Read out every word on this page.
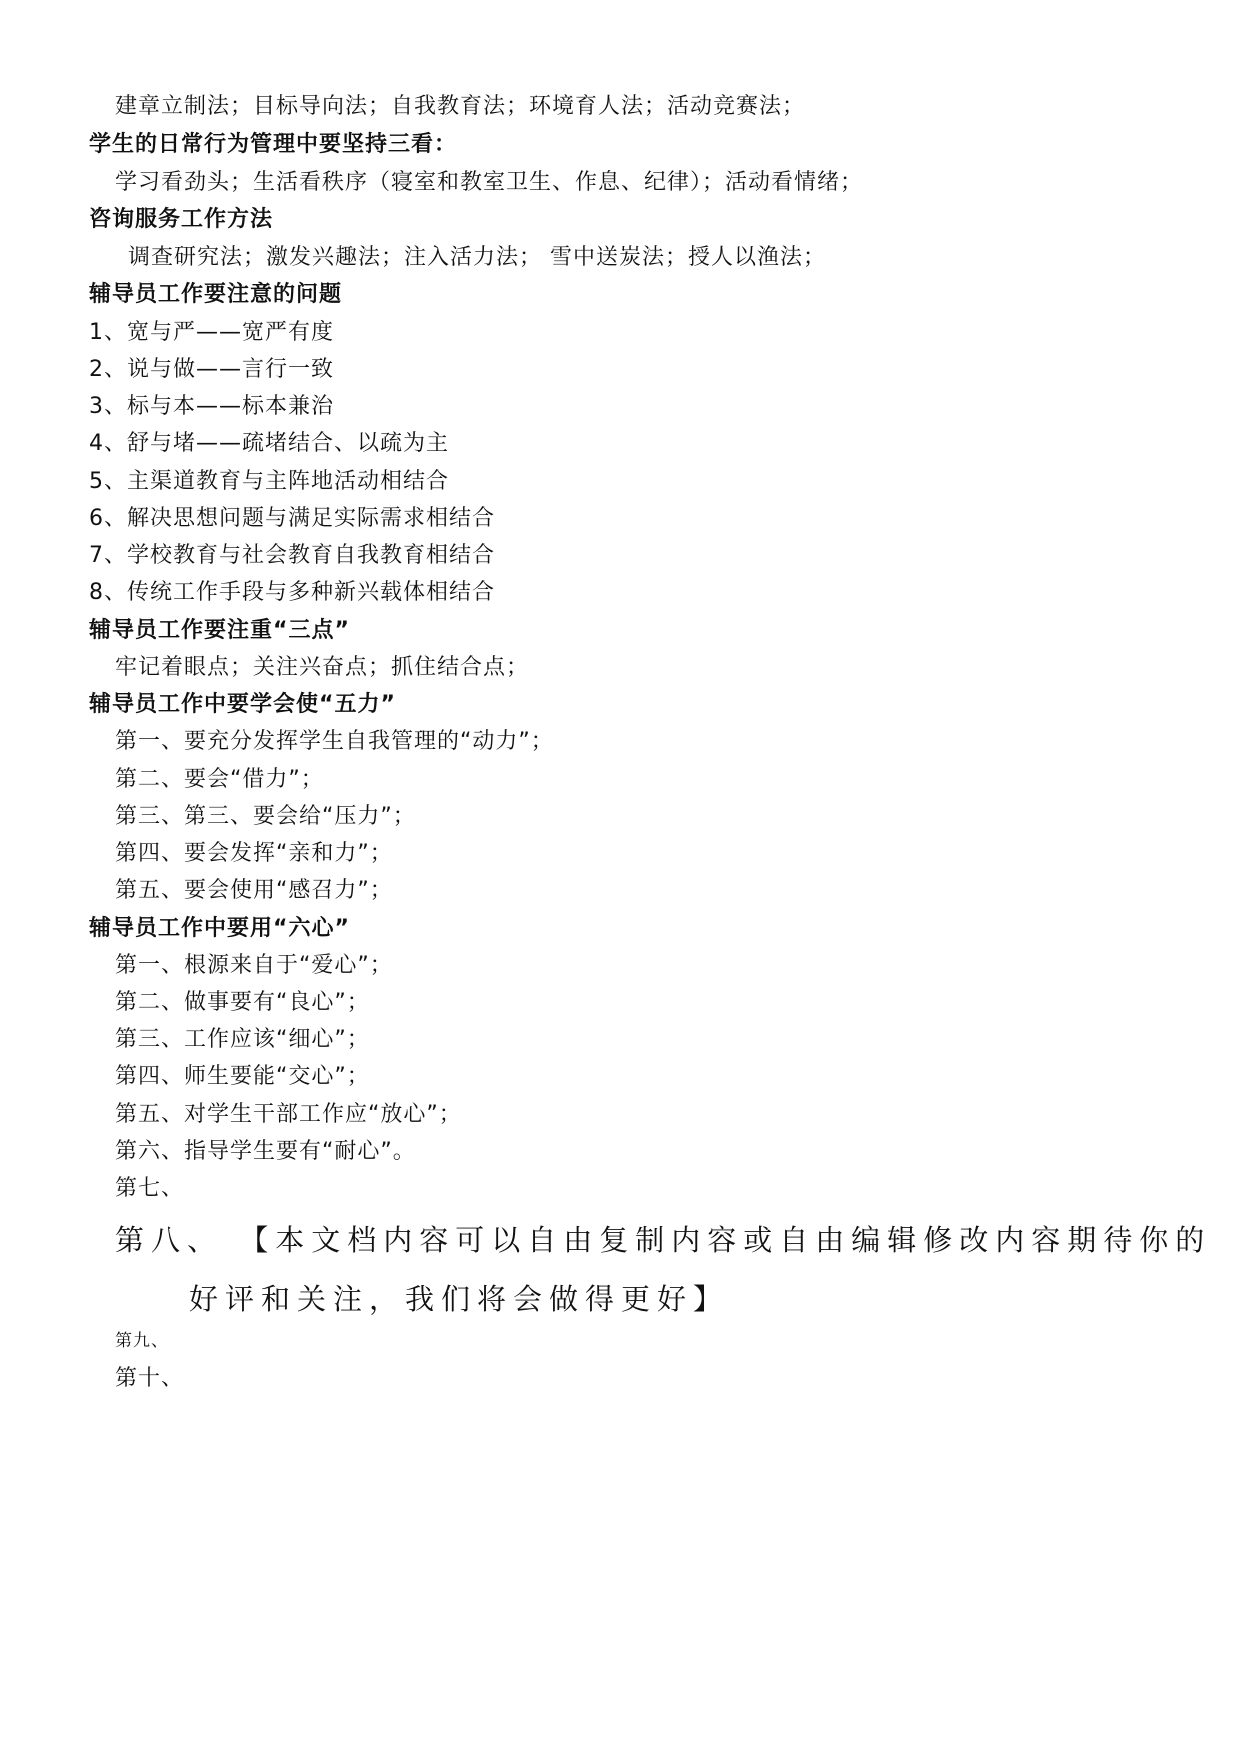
建章立制法；目标导向法；自我教育法；环境育人法；活动竞赛法；
学生的日常行为管理中要坚持三看：
学习看劲头；生活看秩序（寝室和教室卫生、作息、纪律）；活动看情绪；
咨询服务工作方法
调查研究法；激发兴趣法；注入活力法； 雪中送炭法；授人以渔法；
辅导员工作要注意的问题
1、宽与严——宽严有度
2、说与做——言行一致
3、标与本——标本兼治
4、舒与堵——疏堵结合、以疏为主
5、主渠道教育与主阵地活动相结合
6、解决思想问题与满足实际需求相结合
7、学校教育与社会教育自我教育相结合
8、传统工作手段与多种新兴载体相结合
辅导员工作要注重“三点”
牢记着眼点；关注兴奋点；抓住结合点；
辅导员工作中要学会使“五力”
第一、要充分发挥学生自我管理的“动力”；
第二、要会“借力”；
第三、第三、要会给“压力”；
第四、要会发挥“亲和力”；
第五、要会使用“感召力”；
辅导员工作中要用“六心”
第一、根源来自于“爱心”；
第二、做事要有“良心”；
第三、工作应该“细心”；
第四、师生要能“交心”；
第五、对学生干部工作应“放心”；
第六、指导学生要有“耐心”。
第七、
第八、 【本文档内容可以自由复制内容或自由编辑修改内容期待你的
好评和关注，我们将会做得更好】
第九、
第十、
